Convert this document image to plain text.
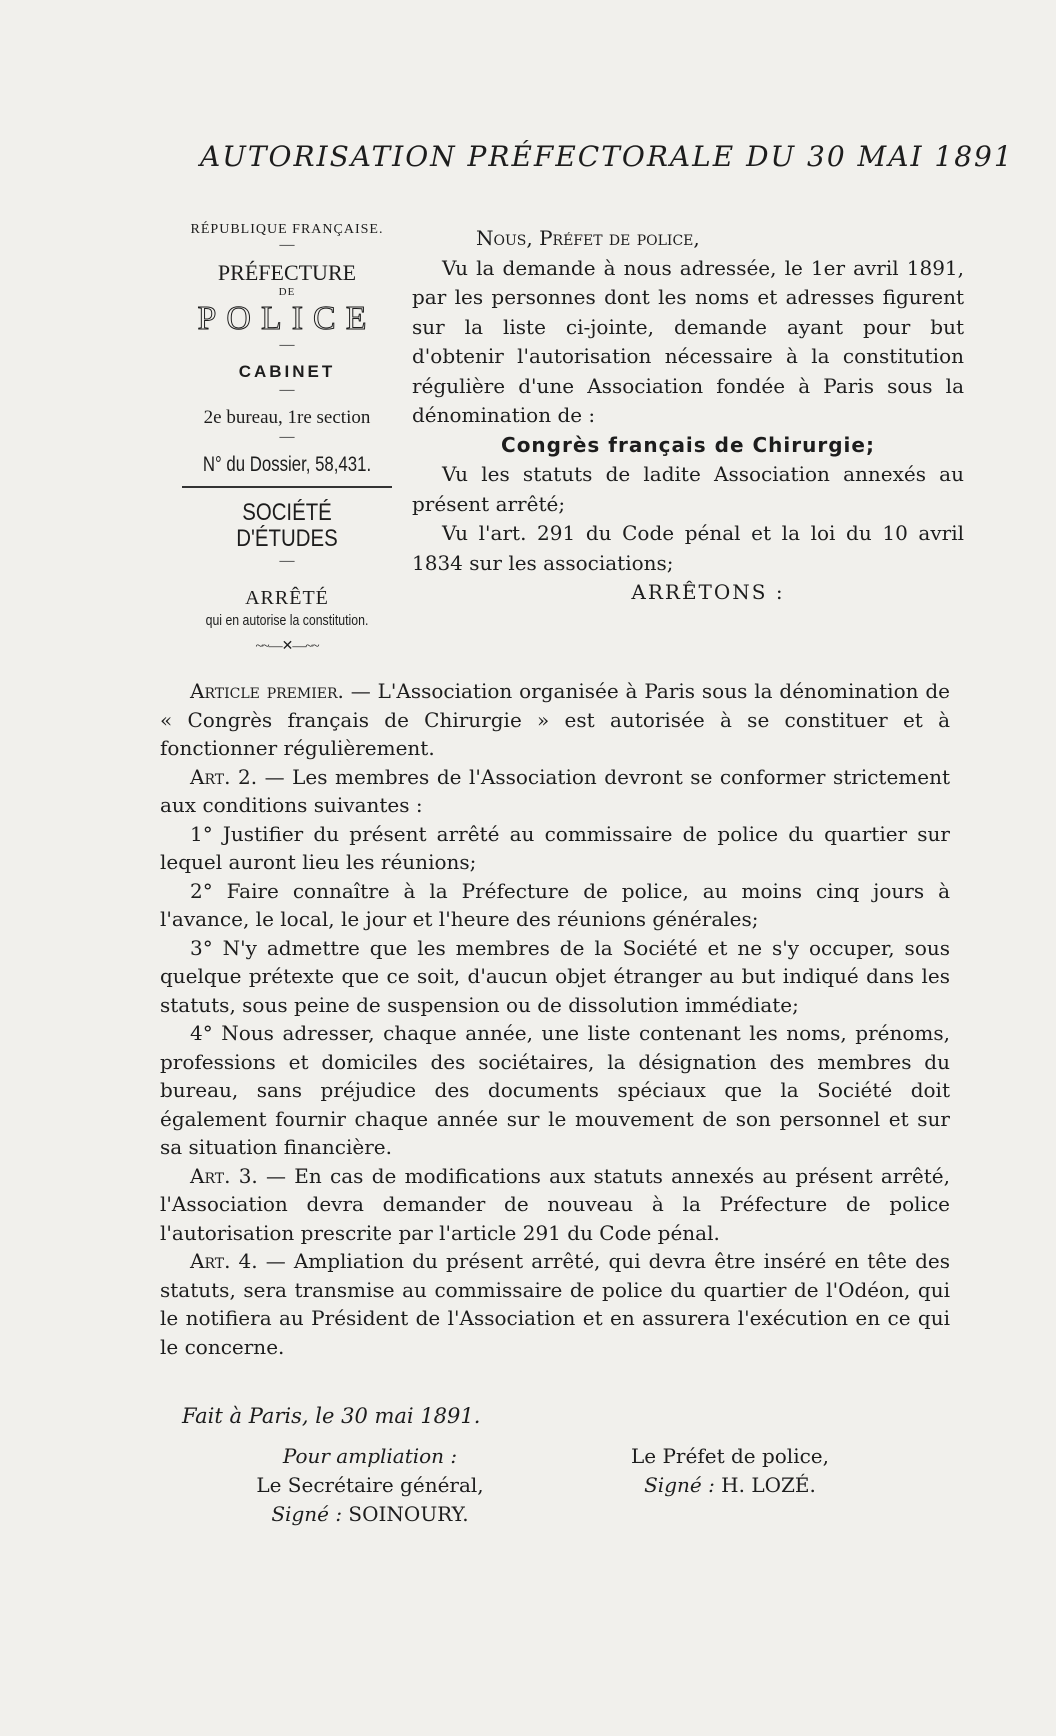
AUTORISATION PRÉFECTORALE DU 30 MAI 1891

RÉPUBLIQUE FRANÇAISE.

—

PRÉFECTURE

DE

POLICE

—

CABINET

—

2e bureau, 1re section

—

N° du Dossier, 58,431.

SOCIÉTÉ D'ÉTUDES

—

ARRÊTÉ

qui en autorise la constitution.

~~—✕—~~

Nous, Préfet de police,

Vu la demande à nous adressée, le 1er avril 1891, par les personnes dont les noms et adresses figurent sur la liste ci-jointe, demande ayant pour but d'obtenir l'autorisation nécessaire à la constitution régulière d'une Association fondée à Paris sous la dénomination de :

Congrès français de Chirurgie;

Vu les statuts de ladite Association annexés au présent arrêté;

Vu l'art. 291 du Code pénal et la loi du 10 avril 1834 sur les associations;

ARRÊTONS :

Article premier. — L'Association organisée à Paris sous la dénomination de « Congrès français de Chirurgie » est autorisée à se constituer et à fonctionner régulièrement.

Art. 2. — Les membres de l'Association devront se conformer strictement aux conditions suivantes :

1° Justifier du présent arrêté au commissaire de police du quartier sur lequel auront lieu les réunions;

2° Faire connaître à la Préfecture de police, au moins cinq jours à l'avance, le local, le jour et l'heure des réunions générales;

3° N'y admettre que les membres de la Société et ne s'y occuper, sous quelque prétexte que ce soit, d'aucun objet étranger au but indiqué dans les statuts, sous peine de suspension ou de dissolution immédiate;

4° Nous adresser, chaque année, une liste contenant les noms, prénoms, professions et domiciles des sociétaires, la désignation des membres du bureau, sans préjudice des documents spéciaux que la Société doit également fournir chaque année sur le mouvement de son personnel et sur sa situation financière.

Art. 3. — En cas de modifications aux statuts annexés au présent arrêté, l'Association devra demander de nouveau à la Préfecture de police l'autorisation prescrite par l'article 291 du Code pénal.

Art. 4. — Ampliation du présent arrêté, qui devra être inséré en tête des statuts, sera transmise au commissaire de police du quartier de l'Odéon, qui le notifiera au Président de l'Association et en assurera l'exécution en ce qui le concerne.

Fait à Paris, le 30 mai 1891.
Pour ampliation :
Le Secrétaire général,
Signé : SOINOURY.
Le Préfet de police,
Signé : H. LOZÉ.
